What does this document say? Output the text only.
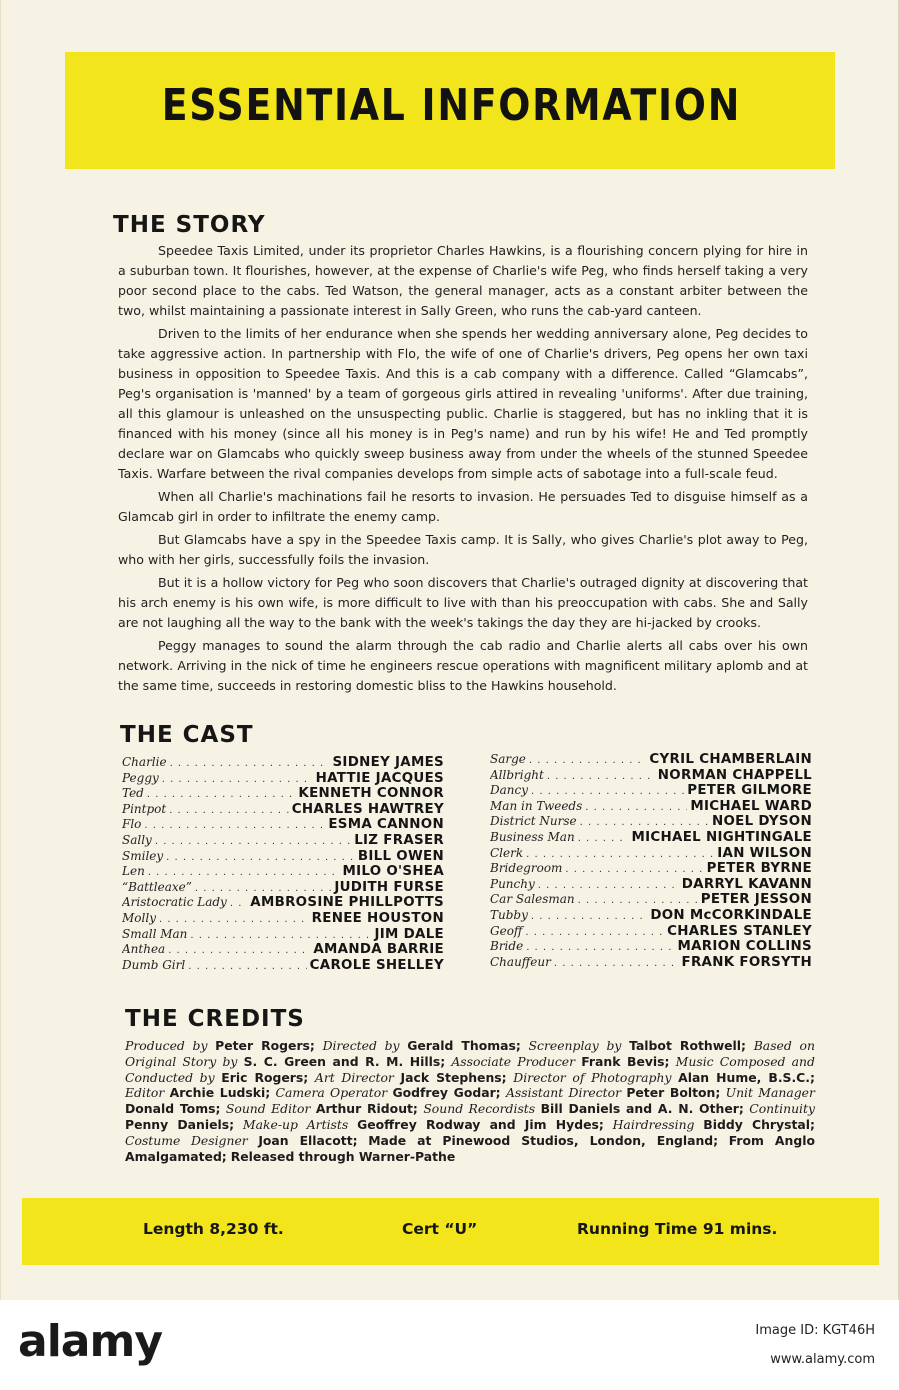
ESSENTIAL INFORMATION
THE STORY

Speedee Taxis Limited, under its proprietor Charles Hawkins, is a flourishing concern plying for hire in a suburban town. It flourishes, however, at the expense of Charlie's wife Peg, who finds herself taking a very poor second place to the cabs. Ted Watson, the general manager, acts as a constant arbiter between the two, whilst maintaining a passionate interest in Sally Green, who runs the cab-yard canteen.

Driven to the limits of her endurance when she spends her wedding anniversary alone, Peg decides to take aggressive action. In partnership with Flo, the wife of one of Charlie's drivers, Peg opens her own taxi business in opposition to Speedee Taxis. And this is a cab company with a difference. Called “Glamcabs”, Peg's organisation is 'manned' by a team of gorgeous girls attired in revealing 'uniforms'. After due training, all this glamour is unleashed on the unsuspecting public. Charlie is staggered, but has no inkling that it is financed with his money (since all his money is in Peg's name) and run by his wife! He and Ted promptly declare war on Glamcabs who quickly sweep business away from under the wheels of the stunned Speedee Taxis. Warfare between the rival companies develops from simple acts of sabotage into a full-scale feud.

When all Charlie's machinations fail he resorts to invasion. He persuades Ted to disguise himself as a Glamcab girl in order to infiltrate the enemy camp.

But Glamcabs have a spy in the Speedee Taxis camp. It is Sally, who gives Charlie's plot away to Peg, who with her girls, successfully foils the invasion.

But it is a hollow victory for Peg who soon discovers that Charlie's outraged dignity at discovering that his arch enemy is his own wife, is more difficult to live with than his preoccupation with cabs. She and Sally are not laughing all the way to the bank with the week's takings the day they are hi-jacked by crooks.

Peggy manages to sound the alarm through the cab radio and Charlie alerts all cabs over his own network. Arriving in the nick of time he engineers rescue operations with magnificent military aplomb and at the same time, succeeds in restoring domestic bliss to the Hawkins household.

THE CAST
Charlie . . .	SIDNEY JAMES
Peggy . . .	HATTIE JACQUES
Ted . . .	KENNETH CONNOR
Pintpot . . .	CHARLES HAWTREY
Flo . . .	ESMA CANNON
Sally . . .	LIZ FRASER
Smiley . . .	BILL OWEN
Len . . .	MILO O'SHEA
“Battleaxe” . . .	JUDITH FURSE
Aristocratic Lady . . . AMBROSINE PHILLPOTTS
Molly . . .	RENEE HOUSTON
Small Man . . .	JIM DALE
Anthea . . .	AMANDA BARRIE
Dumb Girl . . .	CAROLE SHELLEY
Sarge . . .	CYRIL CHAMBERLAIN
Allbright . . .	NORMAN CHAPPELL
Dancy . . .	PETER GILMORE
Man in Tweeds . . .	MICHAEL WARD
District Nurse . . .	NOEL DYSON
Business Man . . .	MICHAEL NIGHTINGALE
Clerk . . .	IAN WILSON
Bridegroom . . .	PETER BYRNE
Punchy . . .	DARRYL KAVANN
Car Salesman . . .	PETER JESSON
Tubby . . .	DON McCORKINDALE
Geoff . . .	CHARLES STANLEY
Bride . . .	MARION COLLINS
Chauffeur . . .	FRANK FORSYTH
THE CREDITS
Produced by Peter Rogers; Directed by Gerald Thomas; Screenplay by Talbot Rothwell; Based on Original Story by S. C. Green and R. M. Hills; Associate Producer Frank Bevis; Music Composed and Conducted by Eric Rogers; Art Director Jack Stephens; Director of Photography Alan Hume, B.S.C.; Editor Archie Ludski; Camera Operator Godfrey Godar; Assistant Director Peter Bolton; Unit Manager Donald Toms; Sound Editor Arthur Ridout; Sound Recordists Bill Daniels and A. N. Other; Continuity Penny Daniels; Make-up Artists Geoffrey Rodway and Jim Hydes; Hairdressing Biddy Chrystal; Costume Designer Joan Ellacott; Made at Pinewood Studios, London, England; From Anglo Amalgamated; Released through Warner-Pathe
Length 8,230 ft.	Cert “U”	Running Time 91 mins.
alamy	Image ID: KGT46H
www.alamy.com
